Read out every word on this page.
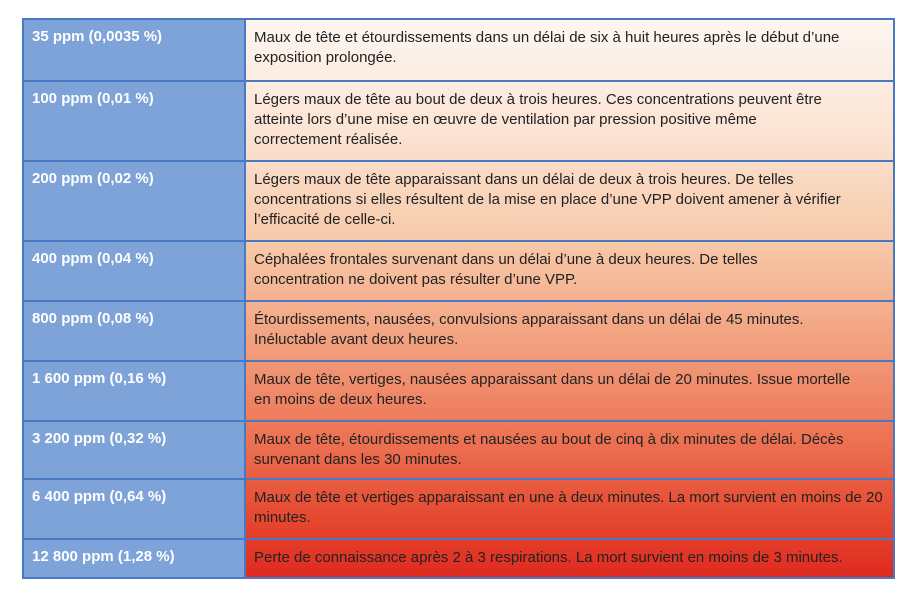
35 ppm (0,0035 %)	Maux de tête et étourdissements dans un délai de six à huit heures après le début d’une exposition prolongée.
100 ppm (0,01 %)	Légers maux de tête au bout de deux à trois heures. Ces concentrations peuvent être atteinte lors d’une mise en œuvre de ventilation par pression positive même correctement réalisée.
200 ppm (0,02 %)	Légers maux de tête apparaissant dans un délai de deux à trois heures. De telles concentrations si elles résultent de la mise en place d’une VPP doivent amener à vérifier l’efficacité de celle-ci.
400 ppm (0,04 %)	Céphalées frontales survenant dans un délai d’une à deux heures. De telles concentration ne doivent pas résulter d’une VPP.
800 ppm (0,08 %)	Étourdissements, nausées, convulsions apparaissant dans un délai de 45 minutes. Inéluctable avant deux heures.
1 600 ppm (0,16 %)	Maux de tête, vertiges, nausées apparaissant dans un délai de 20 minutes. Issue mortelle en moins de deux heures.
3 200 ppm (0,32 %)	Maux de tête, étourdissements et nausées au bout de cinq à dix minutes de délai. Décès survenant dans les 30 minutes.
6 400 ppm (0,64 %)	Maux de tête et vertiges apparaissant en une à deux minutes. La mort survient en moins de 20 minutes.
12 800 ppm (1,28 %)	Perte de connaissance après 2 à 3 respirations. La mort survient en moins de 3 minutes.
